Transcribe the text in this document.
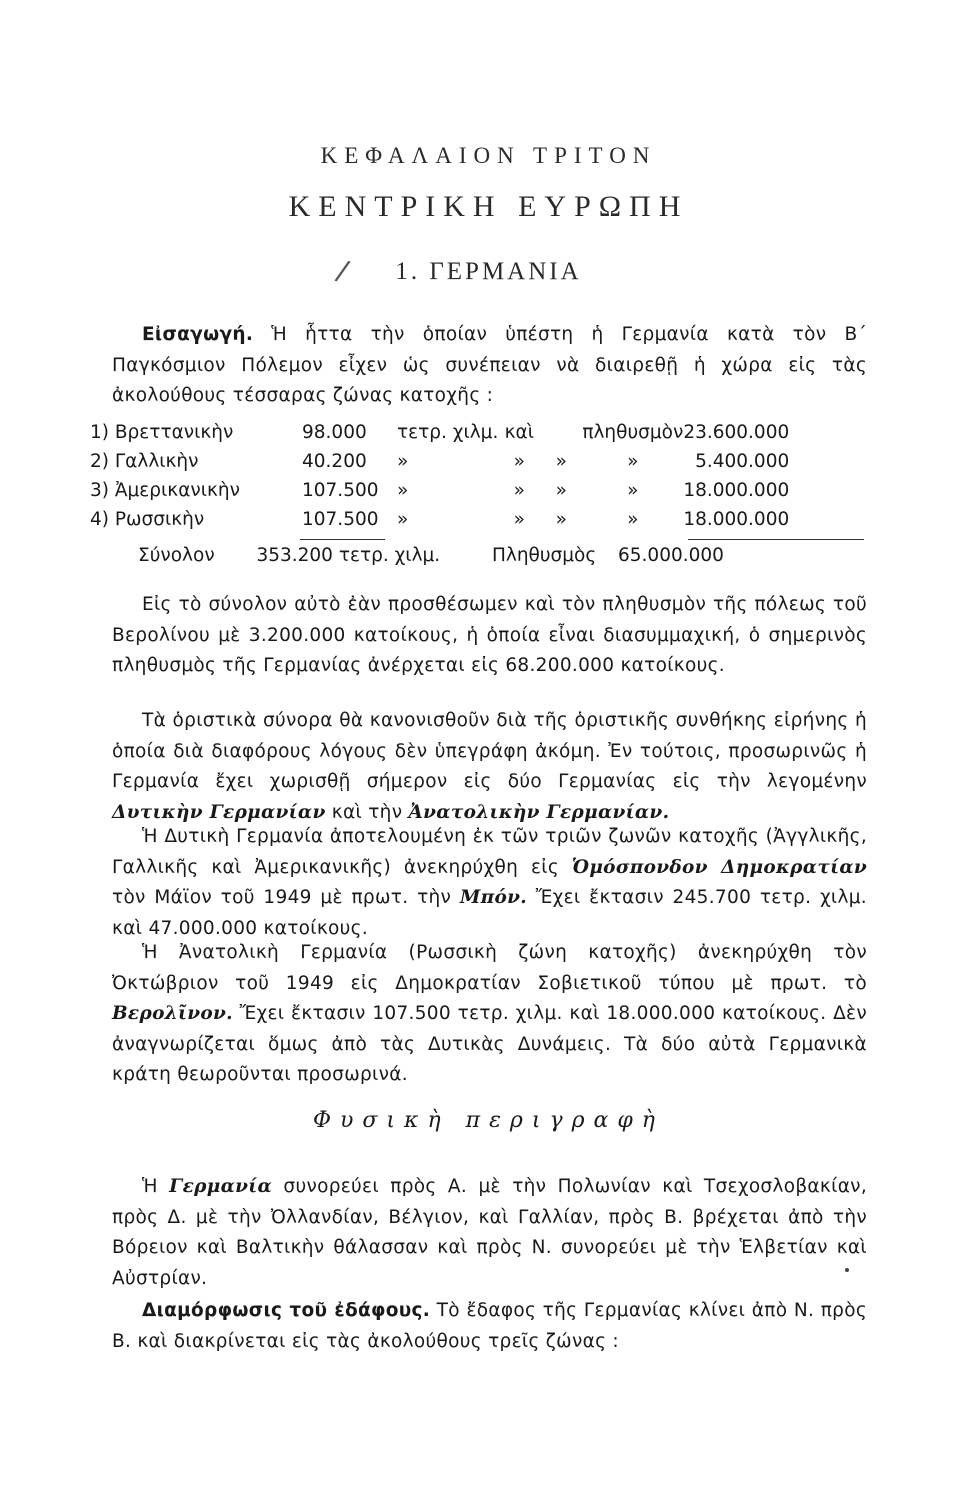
ΚΕΦΑΛΑΙΟΝ ΤΡΙΤΟΝ
ΚΕΝΤΡΙΚΗ ΕΥΡΩΠΗ
/	1. ΓΕΡΜΑΝΙΑ
Εἰσαγωγή. Ἡ ἧττα τὴν ὁποίαν ὑπέστη ἡ Γερμανία κατὰ τὸν Β΄ Παγκόσμιον Πόλεμον εἶχεν ὡς συνέπειαν νὰ διαιρεθῇ ἡ χώρα εἰς τὰς ἀκολούθους τέσσαρας ζώνας κατοχῆς :
1) Βρεττανικὴν	98.000	τετρ. χιλμ.	καὶ		πληθυσμὸν	23.600.000
2) Γαλλικὴν	40.200	»	»	»	»	5.400.000
3) Ἀμερικανικὴν	107.500	»	»	»	»	18.000.000
4) Ρωσσικὴν	107.500	»	»	»	»	18.000.000
Σύνολον 353.200 τετρ. χιλμ.	Πληθυσμὸς 65.000.000
Εἰς τὸ σύνολον αὐτὸ ἐὰν προσθέσωμεν καὶ τὸν πληθυσμὸν τῆς πόλεως τοῦ Βερολίνου μὲ 3.200.000 κατοίκους, ἡ ὁποία εἶναι διασυμμαχική, ὁ σημερινὸς πληθυσμὸς τῆς Γερμανίας ἀνέρχεται εἰς 68.200.000 κατοίκους.
Τὰ ὁριστικὰ σύνορα θὰ κανονισθοῦν διὰ τῆς ὁριστικῆς συνθήκης εἰρήνης ἡ ὁποία διὰ διαφόρους λόγους δὲν ὑπεγράφη ἀκόμη. Ἐν τούτοις, προσωρινῶς ἡ Γερμανία ἔχει χωρισθῇ σήμερον εἰς δύο Γερμανίας εἰς τὴν λεγομένην Δυτικὴν Γερμανίαν καὶ τὴν Ἀνατολικὴν Γερμανίαν.
Ἡ Δυτικὴ Γερμανία ἀποτελουμένη ἐκ τῶν τριῶν ζωνῶν κατοχῆς (Ἀγγλικῆς, Γαλλικῆς καὶ Ἀμερικανικῆς) ἀνεκηρύχθη εἰς Ὁμόσπονδον Δημοκρατίαν τὸν Μάϊον τοῦ 1949 μὲ πρωτ. τὴν Μπόν. Ἔχει ἔκτασιν 245.700 τετρ. χιλμ. καὶ 47.000.000 κατοίκους.
Ἡ Ἀνατολικὴ Γερμανία (Ρωσσικὴ ζώνη κατοχῆς) ἀνεκηρύχθη τὸν Ὀκτώβριον τοῦ 1949 εἰς Δημοκρατίαν Σοβιετικοῦ τύπου μὲ πρωτ. τὸ Βερολῖνον. Ἔχει ἔκτασιν 107.500 τετρ. χιλμ. καὶ 18.000.000 κατοίκους. Δὲν ἀναγνωρίζεται ὅμως ἀπὸ τὰς Δυτικὰς Δυνάμεις. Τὰ δύο αὐτὰ Γερμανικὰ κράτη θεωροῦνται προσωρινά.
Φυσικὴ περιγραφὴ
Ἡ Γερμανία συνορεύει πρὸς Α. μὲ τὴν Πολωνίαν καὶ Τσεχοσλοβακίαν, πρὸς Δ. μὲ τὴν Ὀλλανδίαν, Βέλγιον, καὶ Γαλλίαν, πρὸς Β. βρέχεται ἀπὸ τὴν Βόρειον καὶ Βαλτικὴν θάλασσαν καὶ πρὸς Ν. συνορεύει μὲ τὴν Ἑλβετίαν καὶ Αὐστρίαν.
Διαμόρφωσις τοῦ ἐδάφους. Τὸ ἔδαφος τῆς Γερμανίας κλίνει ἀπὸ Ν. πρὸς Β. καὶ διακρίνεται εἰς τὰς ἀκολούθους τρεῖς ζώνας :
